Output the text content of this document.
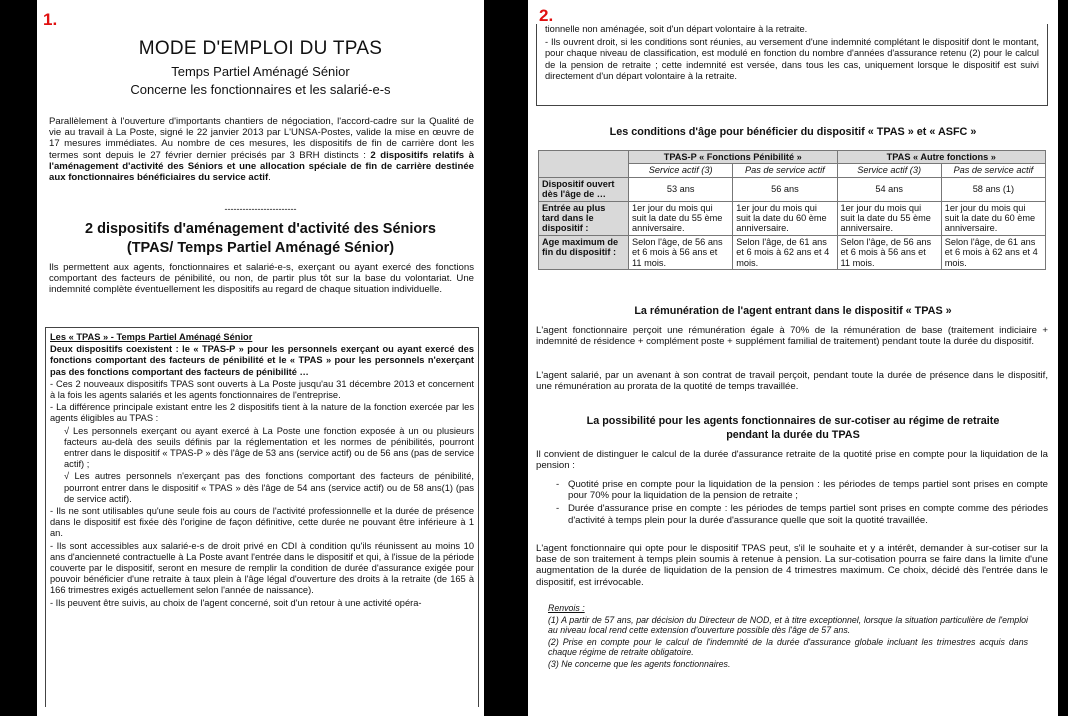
1.
MODE D'EMPLOI DU TPAS
Temps Partiel Aménagé Sénior
Concerne les fonctionnaires et les salarié-e-s
Parallèlement à l'ouverture d'importants chantiers de négociation, l'accord-cadre sur la Qualité de vie au travail à La Poste, signé le 22 janvier 2013 par L'UNSA-Postes, valide la mise en œuvre de 17 mesures immédiates. Au nombre de ces mesures, les dispositifs de fin de carrière dont les termes sont depuis le 27 février dernier précisés par 3 BRH distincts : 2 dispositifs relatifs à l'aménagement d'activité des Séniors et une allocation spéciale de fin de carrière destinée aux fonctionnaires bénéficiaires du service actif.
------------------------
2 dispositifs d'aménagement d'activité des Séniors
(TPAS/ Temps Partiel Aménagé Sénior)
Ils permettent aux agents, fonctionnaires et salarié-e-s, exerçant ou ayant exercé des fonctions comportant des facteurs de pénibilité, ou non, de partir plus tôt sur la base du volontariat. Une indemnité complète éventuellement les dispositifs au regard de chaque situation individuelle.

Les « TPAS » - Temps Partiel Aménagé Sénior

Deux dispositifs coexistent : le « TPAS-P » pour les personnels exerçant ou ayant exercé des fonctions comportant des facteurs de pénibilité et le « TPAS » pour les personnels n'exerçant pas des fonctions comportant des facteurs de pénibilité …

- Ces 2 nouveaux dispositifs TPAS sont ouverts à La Poste jusqu'au 31 décembre 2013 et concernent à la fois les agents salariés et les agents fonctionnaires de l'entreprise.

- La différence principale existant entre les 2 dispositifs tient à la nature de la fonction exercée par les agents éligibles au TPAS :

√ Les personnels exerçant ou ayant exercé à La Poste une fonction exposée à un ou plusieurs facteurs au-delà des seuils définis par la réglementation et les normes de pénibilités, pourront entrer dans le dispositif « TPAS-P » dès l'âge de 53 ans (service actif) ou de 56 ans (pas de service actif) ;

√ Les autres personnels n'exerçant pas des fonctions comportant des facteurs de pénibilité, pourront entrer dans le dispositif « TPAS » dès l'âge de 54 ans (service actif) ou de 58 ans(1) (pas de service actif).

- Ils ne sont utilisables qu'une seule fois au cours de l'activité professionnelle et la durée de présence dans le dispositif est fixée dès l'origine de façon définitive, cette durée ne pouvant être inférieure à 1 an.

- Ils sont accessibles aux salarié-e-s de droit privé en CDI à condition qu'ils réunissent au moins 10 ans d'ancienneté contractuelle à La Poste avant l'entrée dans le dispositif et qui, à l'issue de la période couverte par le dispositif, seront en mesure de remplir la condition de durée d'assurance exigée pour pouvoir bénéficier d'une retraite à taux plein à l'âge légal d'ouverture des droits à la retraite (de 165 à 166 trimestres exigés actuellement selon l'année de naissance).

- Ils peuvent être suivis, au choix de l'agent concerné, soit d'un retour à une activité opéra-

2.

tionnelle non aménagée, soit d'un départ volontaire à la retraite.

- Ils ouvrent droit, si les conditions sont réunies, au versement d'une indemnité complétant le dispositif dont le montant, pour chaque niveau de classification, est modulé en fonction du nombre d'années d'assurance retenu (2) pour le calcul de la pension de retraite ; cette indemnité est versée, dans tous les cas, uniquement lorsque le dispositif est suivi directement d'un départ volontaire à la retraite.

Les conditions d'âge pour bénéficier du dispositif « TPAS » et « ASFC »
	TPAS-P « Fonctions Pénibilité »		TPAS « Autre fonctions »	
	Service actif (3)	Pas de service actif	Service actif (3)	Pas de service actif
Dispositif ouvert dès l'âge de …	53 ans	56 ans	54 ans	58 ans (1)
Entrée au plus tard dans le dispositif :	1er jour du mois qui suit la date du 55 ème anniversaire.	1er jour du mois qui suit la date du 60 ème anniversaire.	1er jour du mois qui suit la date du 55 ème anniversaire.	1er jour du mois qui suit la date du 60 ème anniversaire.
Age maximum de fin du dispositif :	Selon l'âge, de 56 ans et 6 mois à 56 ans et 11 mois.	Selon l'âge, de 61 ans et 6 mois à 62 ans et 4 mois.	Selon l'âge, de 56 ans et 6 mois à 56 ans et 11 mois.	Selon l'âge, de 61 ans et 6 mois à 62 ans et 4 mois.
La rémunération de l'agent entrant dans le dispositif « TPAS »
L'agent fonctionnaire perçoit une rémunération égale à 70% de la rémunération de base (traitement indiciaire + indemnité de résidence + complément poste + supplément familial de traitement) pendant toute la durée du dispositif.
L'agent salarié, par un avenant à son contrat de travail perçoit, pendant toute la durée de présence dans le dispositif, une rémunération au prorata de la quotité de temps travaillée.
La possibilité pour les agents fonctionnaires de sur-cotiser au régime de retraite
pendant la durée du TPAS
Il convient de distinguer le calcul de la durée d'assurance retraite de la quotité prise en compte pour la liquidation de la pension :
- Quotité prise en compte pour la liquidation de la pension : les périodes de temps partiel sont prises en compte pour 70% pour la liquidation de la pension de retraite ;
- Durée d'assurance prise en compte : les périodes de temps partiel sont prises en compte comme des périodes d'activité à temps plein pour la durée d'assurance quelle que soit la quotité travaillée.
L'agent fonctionnaire qui opte pour le dispositif TPAS peut, s'il le souhaite et y a intérêt, demander à sur-cotiser sur la base de son traitement à temps plein soumis à retenue à pension. La sur-cotisation pourra se faire dans la limite d'une augmentation de la durée de liquidation de la pension de 4 trimestres maximum. Ce choix, décidé dès l'entrée dans le dispositif, est irrévocable.

Renvois :

(1) A partir de 57 ans, par décision du Directeur de NOD, et à titre exceptionnel, lorsque la situation particulière de l'emploi au niveau local rend cette extension d'ouverture possible dès l'âge de 57 ans.

(2) Prise en compte pour le calcul de l'indemnité de la durée d'assurance globale incluant les trimestres acquis dans chaque régime de retraite obligatoire.

(3) Ne concerne que les agents fonctionnaires.
